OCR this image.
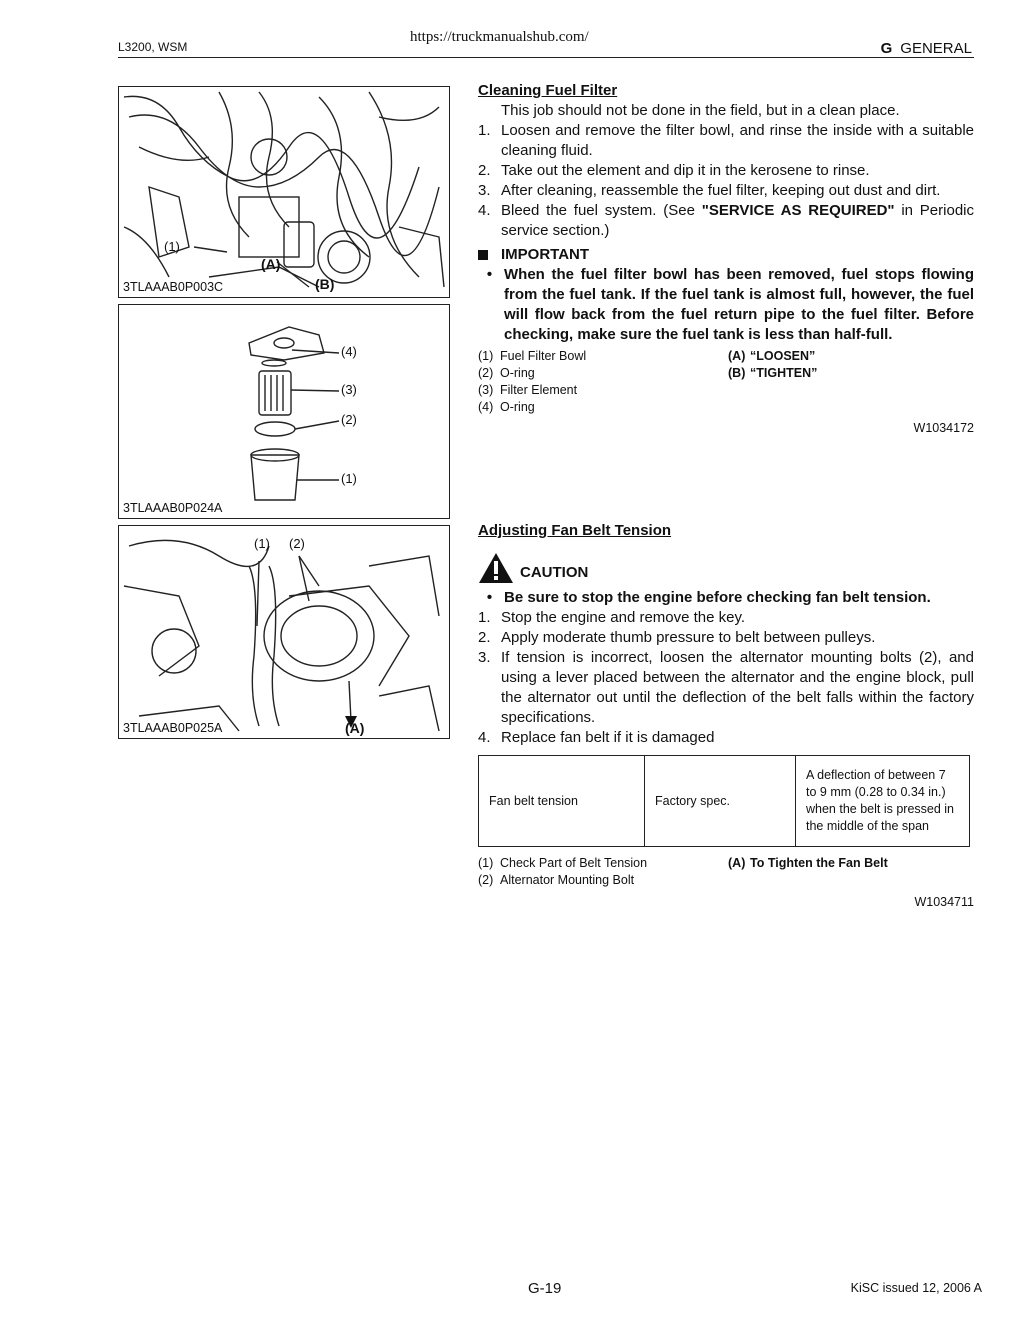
L3200, WSM
https://truckmanualshub.com/
G GENERAL
(1)
(A)
(B)
3TLAAAB0P003C
(4)
(3)
(2)
(1)
3TLAAAB0P024A
(1) (2)
(A)
3TLAAAB0P025A
Cleaning Fuel Filter
This job should not be done in the field, but in a clean place.
1. Loosen and remove the filter bowl, and rinse the inside with a suitable cleaning fluid.
2. Take out the element and dip it in the kerosene to rinse.
3. After cleaning, reassemble the fuel filter, keeping out dust and dirt.
4. Bleed the fuel system. (See "SERVICE AS REQUIRED" in Periodic service section.)
IMPORTANT
• When the fuel filter bowl has been removed, fuel stops flowing from the fuel tank. If the fuel tank is almost full, however, the fuel will flow back from the fuel return pipe to the fuel filter. Before checking, make sure the fuel tank is less than half-full.
(1) Fuel Filter Bowl	(A) “LOOSEN”
(2) O-ring	(B) “TIGHTEN”
(3) Filter Element
(4) O-ring
W1034172
Adjusting Fan Belt Tension
CAUTION
• Be sure to stop the engine before checking fan belt tension.
1. Stop the engine and remove the key.
2. Apply moderate thumb pressure to belt between pulleys.
3. If tension is incorrect, loosen the alternator mounting bolts (2), and using a lever placed between the alternator and the engine block, pull the alternator out until the deflection of the belt falls within the factory specifications.
4. Replace fan belt if it is damaged
Fan belt tension	Factory spec.	A deflection of between 7 to 9 mm (0.28 to 0.34 in.) when the belt is pressed in the middle of the span
(1) Check Part of Belt Tension	(A) To Tighten the Fan Belt
(2) Alternator Mounting Bolt
W1034711
G-19	KiSC issued 12, 2006 A
